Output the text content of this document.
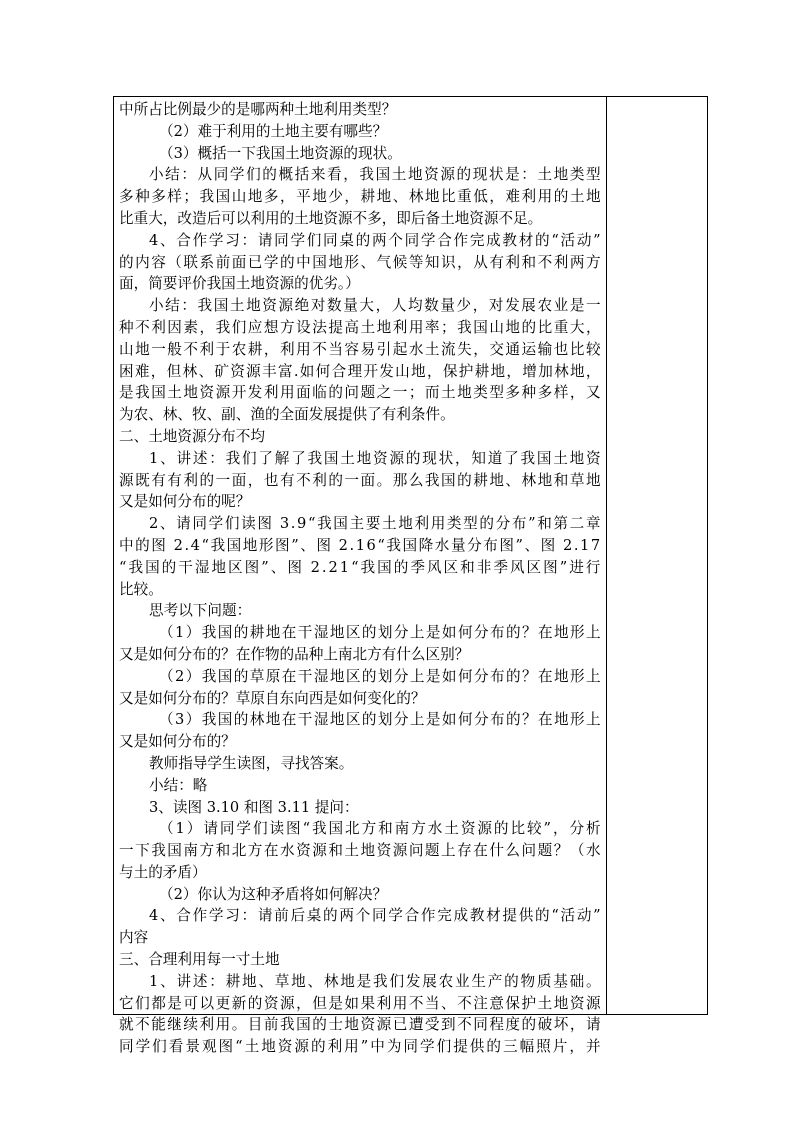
中所占比例最少的是哪两种土地利用类型？
（2）难于利用的土地主要有哪些？
（3）概括一下我国土地资源的现状。
小结：从同学们的概括来看，我国土地资源的现状是：土地类型
多种多样；我国山地多，平地少，耕地、林地比重低，难利用的土地
比重大，改造后可以利用的土地资源不多，即后备土地资源不足。
4、合作学习：请同学们同桌的两个同学合作完成教材的“活动”
的内容（联系前面已学的中国地形、气候等知识，从有利和不利两方
面，简要评价我国土地资源的优劣。）
小结：我国土地资源绝对数量大，人均数量少，对发展农业是一
种不利因素，我们应想方设法提高土地利用率；我国山地的比重大，
山地一般不利于农耕，利用不当容易引起水土流失，交通运输也比较
困难，但林、矿资源丰富.如何合理开发山地，保护耕地，增加林地，
是我国土地资源开发利用面临的问题之一；而土地类型多种多样，又
为农、林、牧、副、渔的全面发展提供了有利条件。
二、土地资源分布不均
1、讲述：我们了解了我国土地资源的现状，知道了我国土地资
源既有有利的一面，也有不利的一面。那么我国的耕地、林地和草地
又是如何分布的呢？
2、请同学们读图 3.9“我国主要土地利用类型的分布”和第二章
中的图 2.4“我国地形图”、图 2.16“我国降水量分布图”、图 2.17
“我国的干湿地区图”、图 2.21“我国的季风区和非季风区图”进行
比较。
思考以下问题：
（1）我国的耕地在干湿地区的划分上是如何分布的？在地形上
又是如何分布的？在作物的品种上南北方有什么区别？
（2）我国的草原在干湿地区的划分上是如何分布的？在地形上
又是如何分布的？草原自东向西是如何变化的？
（3）我国的林地在干湿地区的划分上是如何分布的？在地形上
又是如何分布的？
教师指导学生读图，寻找答案。
小结：略
3、读图 3.10 和图 3.11 提问：
（1）请同学们读图“我国北方和南方水土资源的比较”，分析
一下我国南方和北方在水资源和土地资源问题上存在什么问题？（水
与土的矛盾）
（2）你认为这种矛盾将如何解决？
4、合作学习：请前后桌的两个同学合作完成教材提供的“活动”
内容
三、合理利用每一寸土地
1、讲述：耕地、草地、林地是我们发展农业生产的物质基础。
它们都是可以更新的资源，但是如果利用不当、不注意保护土地资源
就不能继续利用。目前我国的士地资源已遭受到不同程度的破坏，请
同学们看景观图“土地资源的利用”中为同学们提供的三幅照片，并
